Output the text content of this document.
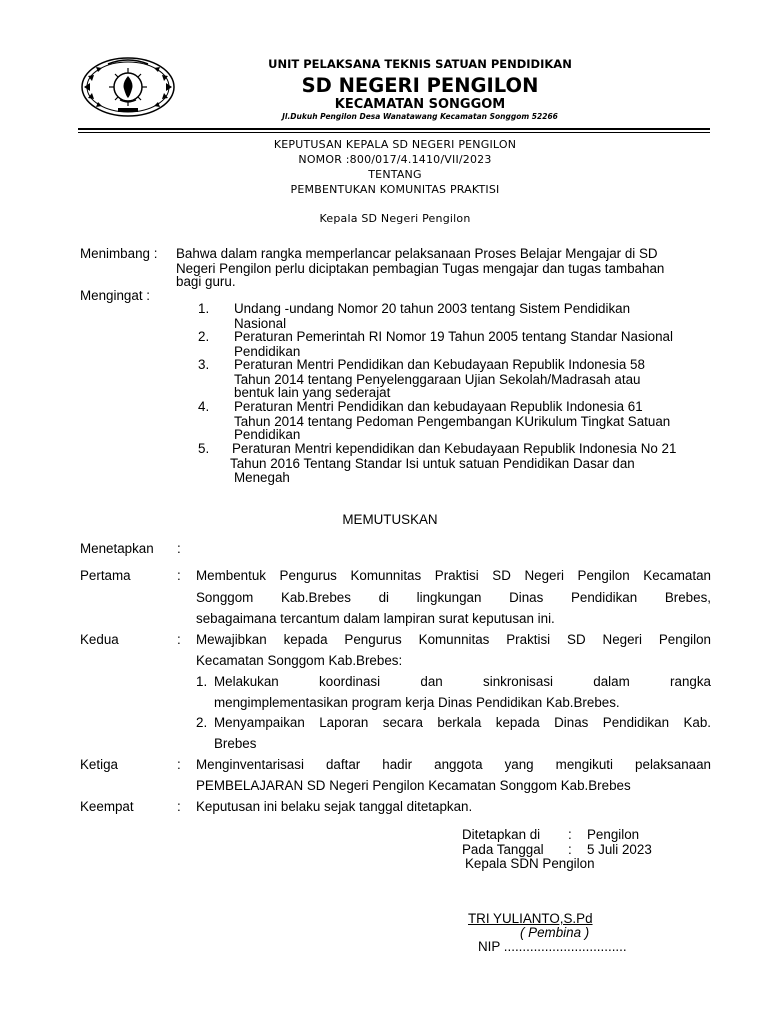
UNIT PELAKSANA TEKNIS SATUAN PENDIDIKAN
SD NEGERI PENGILON
KECAMATAN SONGGOM
Jl.Dukuh Pengilon Desa Wanatawang Kecamatan Songgom 52266
KEPUTUSAN KEPALA SD NEGERI PENGILON
NOMOR :800/017/4.1410/VII/2023
TENTANG
PEMBENTUKAN KOMUNITAS PRAKTISI
Kepala SD Negeri Pengilon
Menimbang : Bahwa dalam rangka memperlancar pelaksanaan Proses Belajar Mengajar di SD
Negeri Pengilon perlu diciptakan pembagian Tugas mengajar dan tugas tambahan
bagi guru.
Mengingat :
1. Undang -undang Nomor 20 tahun 2003 tentang Sistem Pendidikan
Nasional
2. Peraturan Pemerintah RI Nomor 19 Tahun 2005 tentang Standar Nasional
Pendidikan
3. Peraturan Mentri Pendidikan dan Kebudayaan Republik Indonesia 58
Tahun 2014 tentang Penyelenggaraan Ujian Sekolah/Madrasah atau
bentuk lain yang sederajat
4. Peraturan Mentri Pendidikan dan kebudayaan Republik Indonesia 61
Tahun 2014 tentang Pedoman Pengembangan KUrikulum Tingkat Satuan
Pendidikan
5. Peraturan Mentri kependidikan dan Kebudayaan Republik Indonesia No 21
Tahun 2016 Tentang Standar Isi untuk satuan Pendidikan Dasar dan
Menegah
MEMUTUSKAN
Menetapkan :
Pertama	: Membentuk Pengurus Komunnitas Praktisi SD Negeri Pengilon Kecamatan
Songgom Kab.Brebes di lingkungan Dinas Pendidikan Brebes,
sebagaimana tercantum dalam lampiran surat keputusan ini.
Kedua	: Mewajibkan kepada Pengurus Komunnitas Praktisi SD Negeri Pengilon
Kecamatan Songgom Kab.Brebes:
1. Melakukan koordinasi dan sinkronisasi dalam rangka
mengimplementasikan program kerja Dinas Pendidikan Kab.Brebes.
2. Menyampaikan Laporan secara berkala kepada Dinas Pendidikan Kab.
Brebes
Ketiga	: Menginventarisasi daftar hadir anggota yang mengikuti pelaksanaan
PEMBELAJARAN SD Negeri Pengilon Kecamatan Songgom Kab.Brebes
Keempat	: Keputusan ini belaku sejak tanggal ditetapkan.
Ditetapkan di : Pengilon
Pada Tanggal : 5 Juli 2023
Kepala SDN Pengilon
TRI YULIANTO,S.Pd
( Pembina )
NIP .................................
